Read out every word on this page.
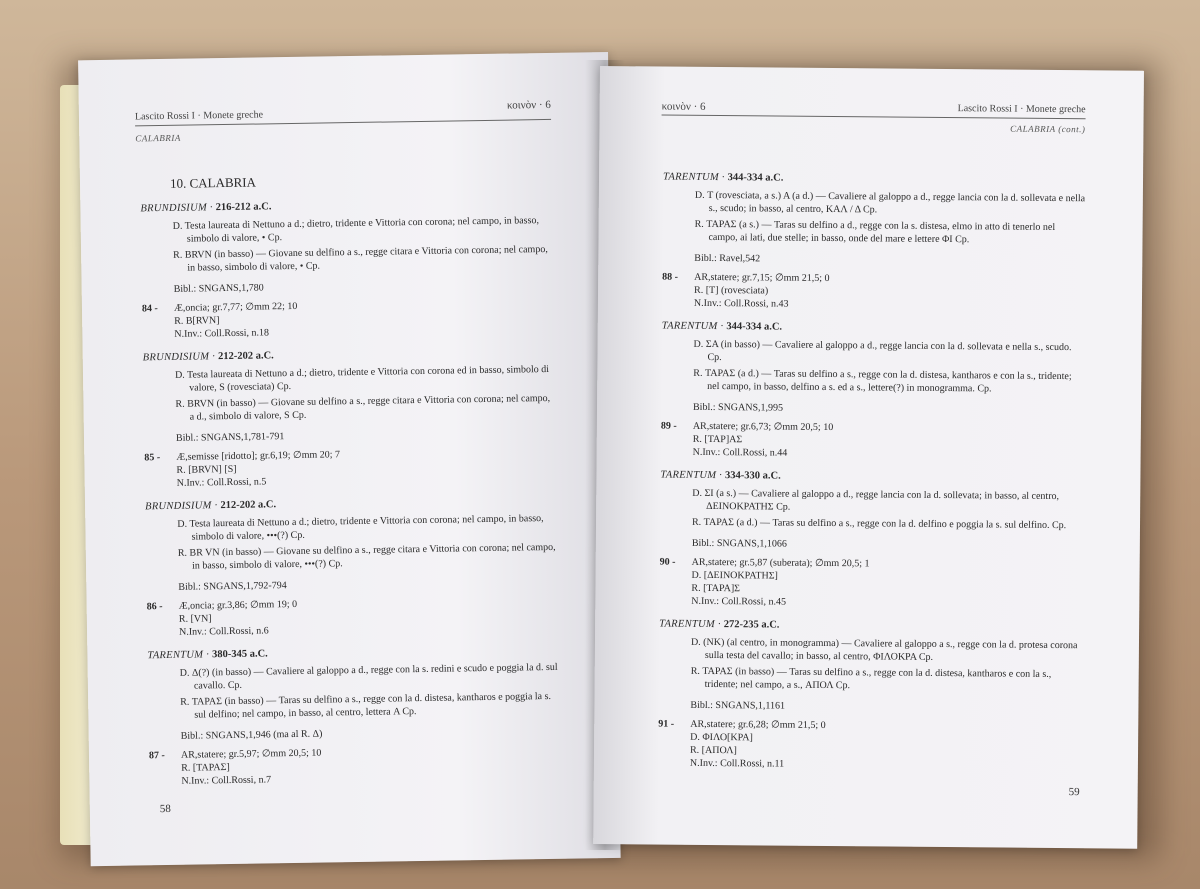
Lascito Rossi I · Monete greche
κοινὸν · 6
CALABRIA
10. CALABRIA
BRUNDISIUM · 216-212 a.C.

D. Testa laureata di Nettuno a d.; dietro, tridente e Vittoria con corona; nel campo, in basso, simbolo di valore, • Cp.

R. BRVN (in basso) — Giovane su delfino a s., regge citara e Vittoria con corona; nel campo, in basso, simbolo di valore, • Cp.

Bibl.: SNGANS,1,780
84 -	Æ,oncia; gr.7,77; ∅mm 22; 10
R. B[RVN]
N.Inv.: Coll.Rossi, n.18
BRUNDISIUM · 212-202 a.C.

D. Testa laureata di Nettuno a d.; dietro, tridente e Vittoria con corona ed in basso, simbolo di valore, S (rovesciata) Cp.

R. BRVN (in basso) — Giovane su delfino a s., regge citara e Vittoria con corona; nel campo, a d., simbolo di valore, S Cp.

Bibl.: SNGANS,1,781-791
85 -	Æ,semisse [ridotto]; gr.6,19; ∅mm 20; 7
R. [BRVN] [S]
N.Inv.: Coll.Rossi, n.5
BRUNDISIUM · 212-202 a.C.

D. Testa laureata di Nettuno a d.; dietro, tridente e Vittoria con corona; nel campo, in basso, simbolo di valore, •••(?) Cp.

R. BR VN (in basso) — Giovane su delfino a s., regge citara e Vittoria con corona; nel campo, in basso, simbolo di valore, •••(?) Cp.

Bibl.: SNGANS,1,792-794
86 -	Æ,oncia; gr.3,86; ∅mm 19; 0
R. [VN]
N.Inv.: Coll.Rossi, n.6
TARENTUM · 380-345 a.C.

D. Δ(?) (in basso) — Cavaliere al galoppo a d., regge con la s. redini e scudo e poggia la d. sul cavallo. Cp.

R. ΤΑΡΑΣ (in basso) — Taras su delfino a s., regge con la d. distesa, kantharos e poggia la s. sul delfino; nel campo, in basso, al centro, lettera Α Cp.

Bibl.: SNGANS,1,946 (ma al R. Δ)
87 -	AR,statere; gr.5,97; ∅mm 20,5; 10
R. [ΤΑΡΑΣ]
N.Inv.: Coll.Rossi, n.7
58
κοινὸν · 6	Lascito Rossi I · Monete greche
CALABRIA (cont.)
TARENTUM · 344-334 a.C.

D. Τ (rovesciata, a s.) Α (a d.) — Cavaliere al galoppo a d., regge lancia con la d. sollevata e nella s., scudo; in basso, al centro, ΚΑΛ / Δ Cp.

R. ΤΑΡΑΣ (a s.) — Taras su delfino a d., regge con la s. distesa, elmo in atto di tenerlo nel campo, ai lati, due stelle; in basso, onde del mare e lettere ΦΙ Cp.

Bibl.: Ravel,542
88 -	AR,statere; gr.7,15; ∅mm 21,5; 0
R. [Τ] (rovesciata)
N.Inv.: Coll.Rossi, n.43
TARENTUM · 344-334 a.C.

D. ΣΑ (in basso) — Cavaliere al galoppo a d., regge lancia con la d. sollevata e nella s., scudo. Cp.

R. ΤΑΡΑΣ (a d.) — Taras su delfino a s., regge con la d. distesa, kantharos e con la s., tridente; nel campo, in basso, delfino a s. ed a s., lettere(?) in monogramma. Cp.

Bibl.: SNGANS,1,995
89 -	AR,statere; gr.6,73; ∅mm 20,5; 10
R. [ΤΑΡ]ΑΣ
N.Inv.: Coll.Rossi, n.44
TARENTUM · 334-330 a.C.

D. ΣΙ (a s.) — Cavaliere al galoppo a d., regge lancia con la d. sollevata; in basso, al centro, ΔΕΙΝΟΚΡΑΤΗΣ Cp.

R. ΤΑΡΑΣ (a d.) — Taras su delfino a s., regge con la d. delfino e poggia la s. sul delfino. Cp.

Bibl.: SNGANS,1,1066
90 -	AR,statere; gr.5,87 (suberata); ∅mm 20,5; 1
D. [ΔΕΙΝΟΚΡΑΤΗΣ]
R. [ΤΑΡΑ]Σ
N.Inv.: Coll.Rossi, n.45
TARENTUM · 272-235 a.C.

D. (NK) (al centro, in monogramma) — Cavaliere al galoppo a s., regge con la d. protesa corona sulla testa del cavallo; in basso, al centro, ΦΙΛΟΚΡΑ Cp.

R. ΤΑΡΑΣ (in basso) — Taras su delfino a s., regge con la d. distesa, kantharos e con la s., tridente; nel campo, a s., ΑΠΟΛ Cp.

Bibl.: SNGANS,1,1161
91 -	AR,statere; gr.6,28; ∅mm 21,5; 0
D. ΦΙΛΟ[ΚΡΑ]
R. [ΑΠΟΛ]
N.Inv.: Coll.Rossi, n.11
59
